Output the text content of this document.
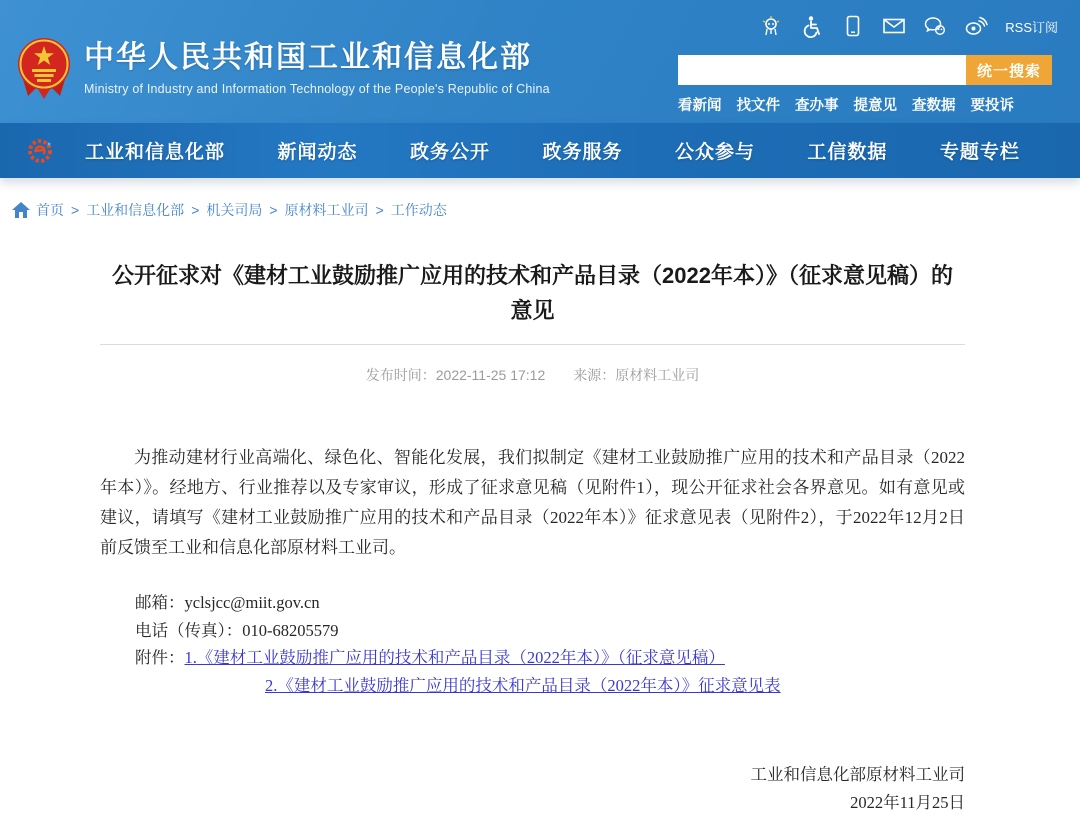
RSS订阅
中华人民共和国工业和信息化部
Ministry of Industry and Information Technology of the People's Republic of China
统一搜索
看新闻 找文件 查办事 提意见 查数据 要投诉
工业和信息化部	新闻动态	政务公开	政务服务	公众参与	工信数据	专题专栏
首页 > 工业和信息化部 > 机关司局 > 原材料工业司 > 工作动态
公开征求对《建材工业鼓励推广应用的技术和产品目录（2022年本）》（征求意见稿）的意见
发布时间：2022-11-25 17:12 来源：原材料工业司

为推动建材行业高端化、绿色化、智能化发展，我们拟制定《建材工业鼓励推广应用的技术和产品目录（2022年本）》。经地方、行业推荐以及专家审议，形成了征求意见稿（见附件1），现公开征求社会各界意见。如有意见或建议，请填写《建材工业鼓励推广应用的技术和产品目录（2022年本）》征求意见表（见附件2），于2022年12月2日前反馈至工业和信息化部原材料工业司。

邮箱：yclsjcc@miit.gov.cn
电话（传真）：010-68205579
附件：1.《建材工业鼓励推广应用的技术和产品目录（2022年本）》（征求意见稿）
2.《建材工业鼓励推广应用的技术和产品目录（2022年本）》征求意见表
工业和信息化部原材料工业司
2022年11月25日
